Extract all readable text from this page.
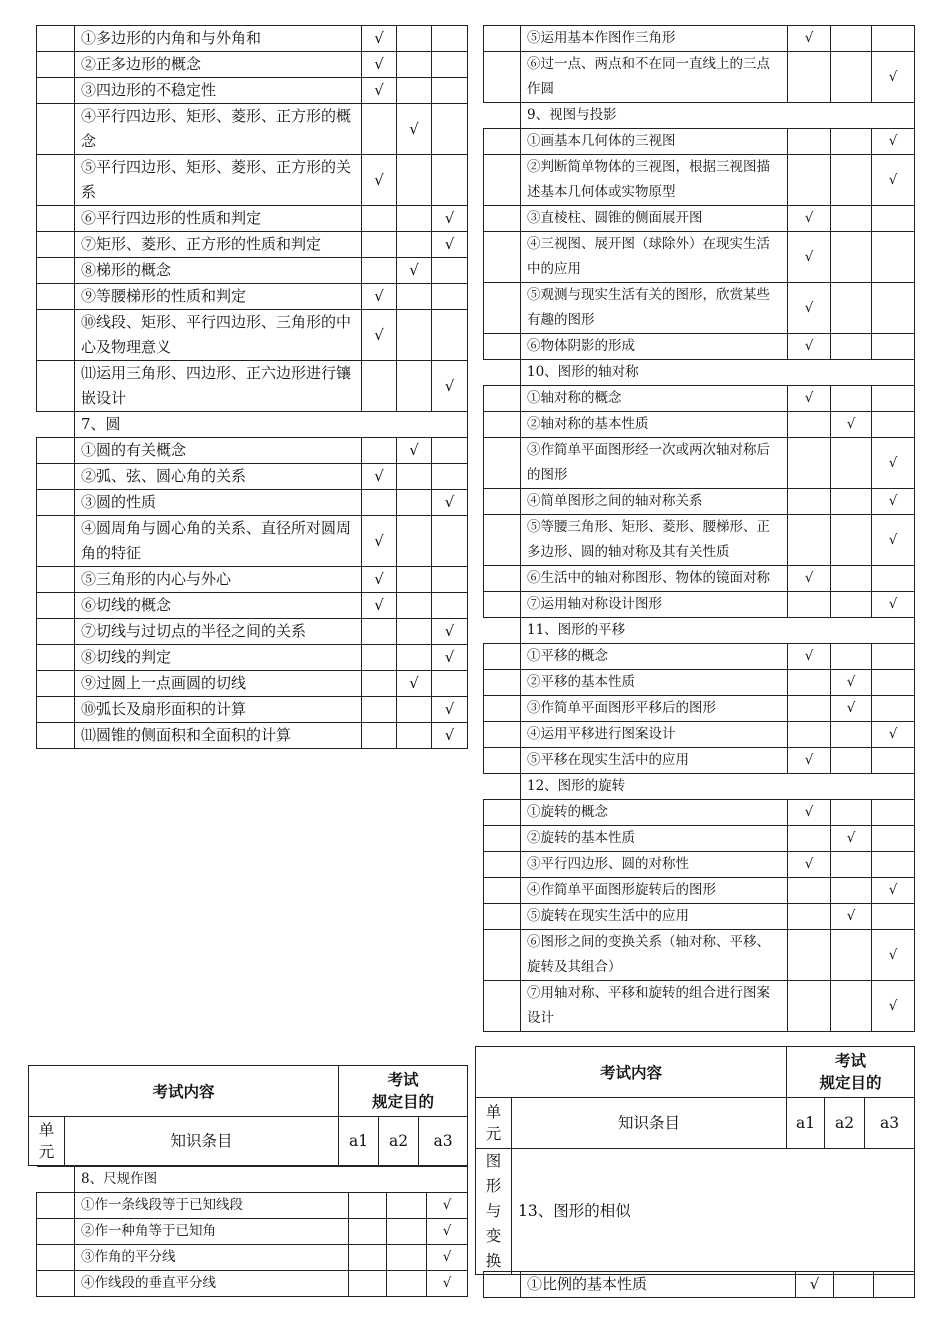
	①多边形的内角和与外角和	√		
	②正多边形的概念	√		
	③四边形的不稳定性	√		
	④平行四边形、矩形、菱形、正方形的概念		√	
	⑤平行四边形、矩形、菱形、正方形的关系	√		
	⑥平行四边形的性质和判定			√
	⑦矩形、菱形、正方形的性质和判定			√
	⑧梯形的概念		√	
	⑨等腰梯形的性质和判定	√		
	⑩线段、矩形、平行四边形、三角形的中心及物理意义	√		
	⑾运用三角形、四边形、正六边形进行镶嵌设计			√
	7、圆			
	①圆的有关概念		√	
	②弧、弦、圆心角的关系	√		
	③圆的性质			√
	④圆周角与圆心角的关系、直径所对圆周角的特征	√		
	⑤三角形的内心与外心	√		
	⑥切线的概念	√		
	⑦切线与过切点的半径之间的关系			√
	⑧切线的判定			√
	⑨过圆上一点画圆的切线		√	
	⑩弧长及扇形面积的计算			√
	⑾圆锥的侧面积和全面积的计算			√
考试内容		考试
规定目的		
单
元	知识条目	a1	a2	a3
	8、尺规作图			
	①作一条线段等于已知线段			√
	②作一种角等于已知角			√
	③作角的平分线			√
	④作线段的垂直平分线			√
	⑤运用基本作图作三角形	√		
	⑥过一点、两点和不在同一直线上的三点作圆			√
	9、视图与投影			
	①画基本几何体的三视图			√
	②判断简单物体的三视图，根据三视图描述基本几何体或实物原型			√
	③直棱柱、圆锥的侧面展开图	√		
	④三视图、展开图（球除外）在现实生活中的应用	√		
	⑤观测与现实生活有关的图形，欣赏某些有趣的图形	√		
	⑥物体阴影的形成	√		
	10、图形的轴对称			
	①轴对称的概念	√		
	②轴对称的基本性质		√	
	③作简单平面图形经一次或两次轴对称后的图形			√
	④简单图形之间的轴对称关系			√
	⑤等腰三角形、矩形、菱形、腰梯形、正多边形、圆的轴对称及其有关性质			√
	⑥生活中的轴对称图形、物体的镜面对称	√		
	⑦运用轴对称设计图形			√
	11、图形的平移			
	①平移的概念	√		
	②平移的基本性质		√	
	③作简单平面图形平移后的图形		√	
	④运用平移进行图案设计			√
	⑤平移在现实生活中的应用	√		
	12、图形的旋转			
	①旋转的概念	√		
	②旋转的基本性质		√	
	③平行四边形、圆的对称性	√		
	④作简单平面图形旋转后的图形			√
	⑤旋转在现实生活中的应用		√	
	⑥图形之间的变换关系（轴对称、平移、旋转及其组合）			√
	⑦用轴对称、平移和旋转的组合进行图案设计			√
考试内容		考试
规定目的		
单
元	知识条目	a1	a2	a3
图
形
与
变
换	13、图形的相似			
	①比例的基本性质	√		
